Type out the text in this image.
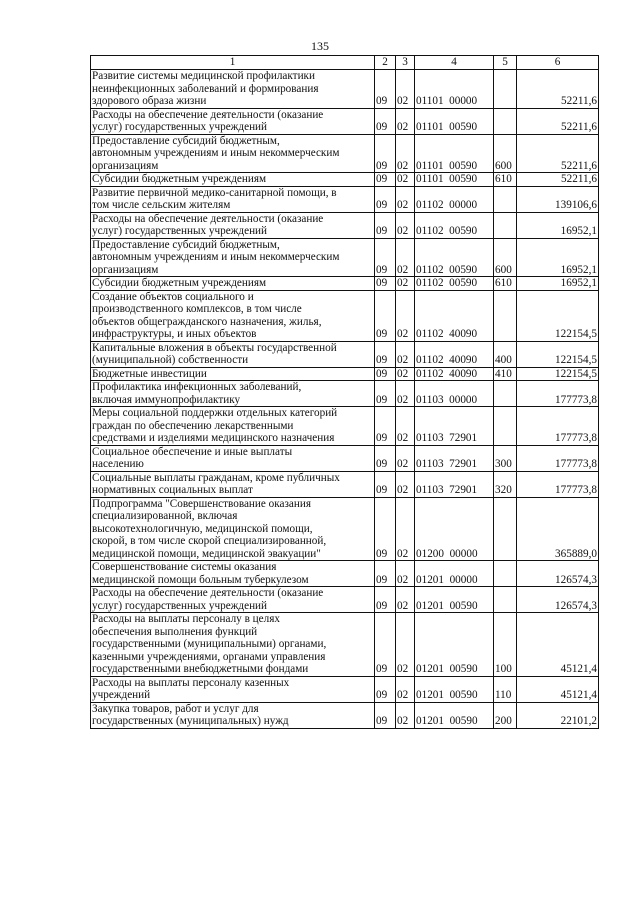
135
1	2	3	4	5	6
Развитие системы медицинской профилактики
неинфекционных заболеваний и формирования
здорового образа жизни	09	02	01101  00000		52211,6
Расходы на обеспечение деятельности (оказание
услуг) государственных учреждений	09	02	01101  00590		52211,6
Предоставление субсидий бюджетным,
автономным учреждениям и иным некоммерческим
организациям	09	02	01101  00590	600	52211,6
Субсидии бюджетным учреждениям	09	02	01101  00590	610	52211,6
Развитие первичной медико-санитарной помощи, в
том числе сельским жителям	09	02	01102  00000		139106,6
Расходы на обеспечение деятельности (оказание
услуг) государственных учреждений	09	02	01102  00590		16952,1
Предоставление субсидий бюджетным,
автономным учреждениям и иным некоммерческим
организациям	09	02	01102  00590	600	16952,1
Субсидии бюджетным учреждениям	09	02	01102  00590	610	16952,1
Создание объектов социального и
производственного комплексов, в том числе
объектов общегражданского назначения, жилья,
инфраструктуры, и иных объектов	09	02	01102  40090		122154,5
Капитальные вложения в объекты государственной
(муниципальной) собственности	09	02	01102  40090	400	122154,5
Бюджетные инвестиции	09	02	01102  40090	410	122154,5
Профилактика инфекционных заболеваний,
включая иммунопрофилактику	09	02	01103  00000		177773,8
Меры социальной поддержки отдельных категорий
граждан по обеспечению лекарственными
средствами и изделиями медицинского назначения	09	02	01103  72901		177773,8
Социальное обеспечение и иные выплаты
населению	09	02	01103  72901	300	177773,8
Социальные выплаты гражданам, кроме публичных
нормативных социальных выплат	09	02	01103  72901	320	177773,8
Подпрограмма "Совершенствование оказания
специализированной, включая
высокотехнологичную, медицинской помощи,
скорой, в том числе скорой специализированной,
медицинской помощи, медицинской эвакуации"	09	02	01200  00000		365889,0
Совершенствование системы оказания
медицинской помощи больным туберкулезом	09	02	01201  00000		126574,3
Расходы на обеспечение деятельности (оказание
услуг) государственных учреждений	09	02	01201  00590		126574,3
Расходы на выплаты персоналу в целях
обеспечения выполнения функций
государственными (муниципальными) органами,
казенными учреждениями, органами управления
государственными внебюджетными фондами	09	02	01201  00590	100	45121,4
Расходы на выплаты персоналу казенных
учреждений	09	02	01201  00590	110	45121,4
Закупка товаров, работ и услуг для
государственных (муниципальных) нужд	09	02	01201  00590	200	22101,2
